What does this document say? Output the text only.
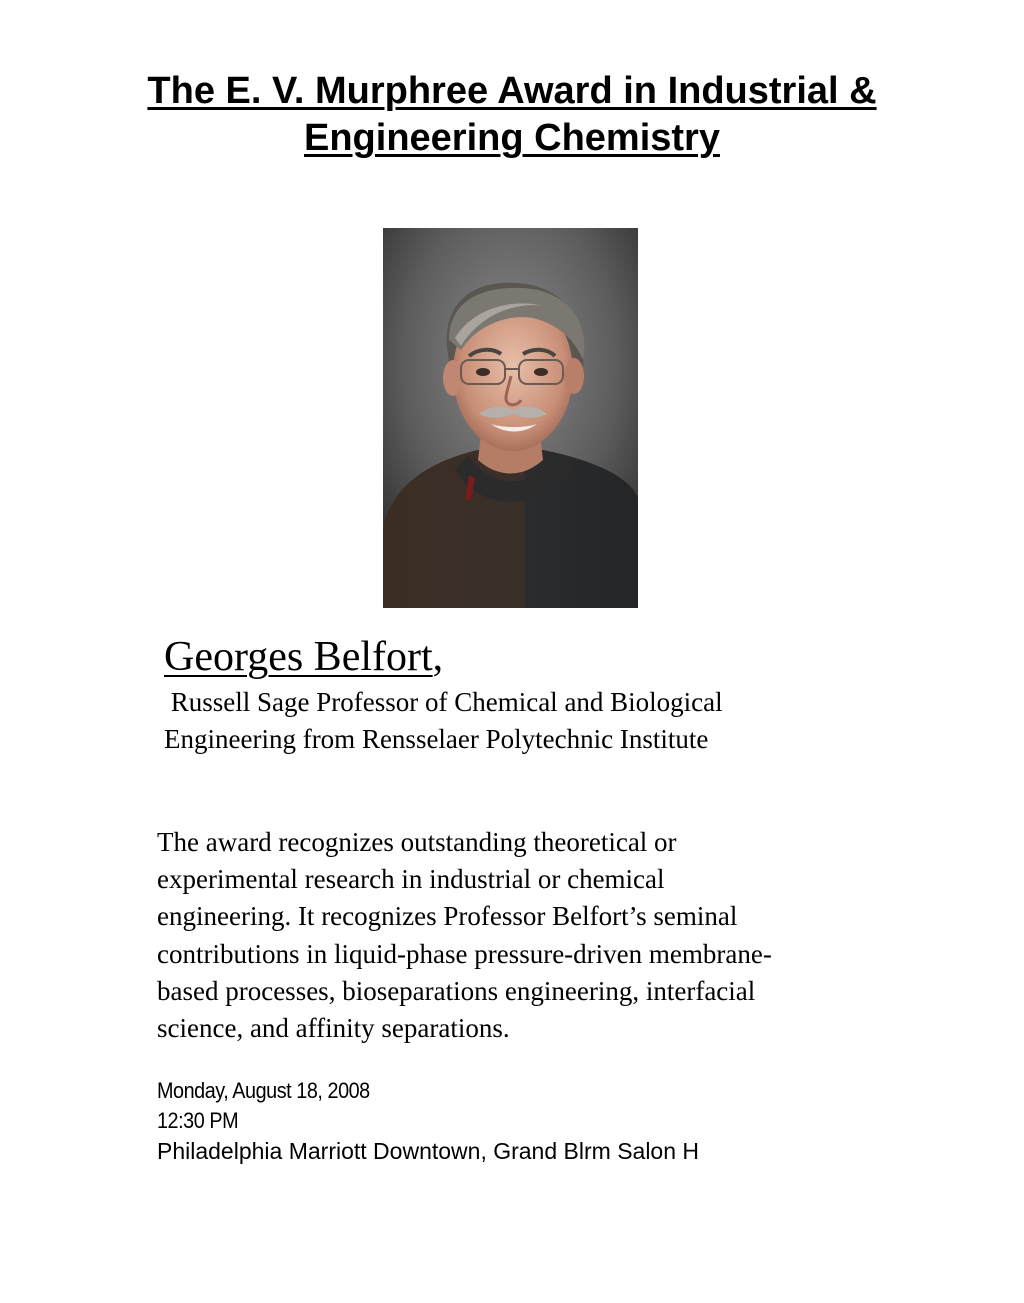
The E. V. Murphree Award in Industrial &
Engineering Chemistry
Georges Belfort,
Russell Sage Professor of Chemical and Biological
Engineering from Rensselaer Polytechnic Institute
The award recognizes outstanding theoretical or
experimental research in industrial or chemical
engineering. It recognizes Professor Belfort’s seminal
contributions in liquid-phase pressure-driven membrane-
based processes, bioseparations engineering, interfacial
science, and affinity separations.
Monday, August 18, 2008
12:30 PM
Philadelphia Marriott Downtown, Grand Blrm Salon H
